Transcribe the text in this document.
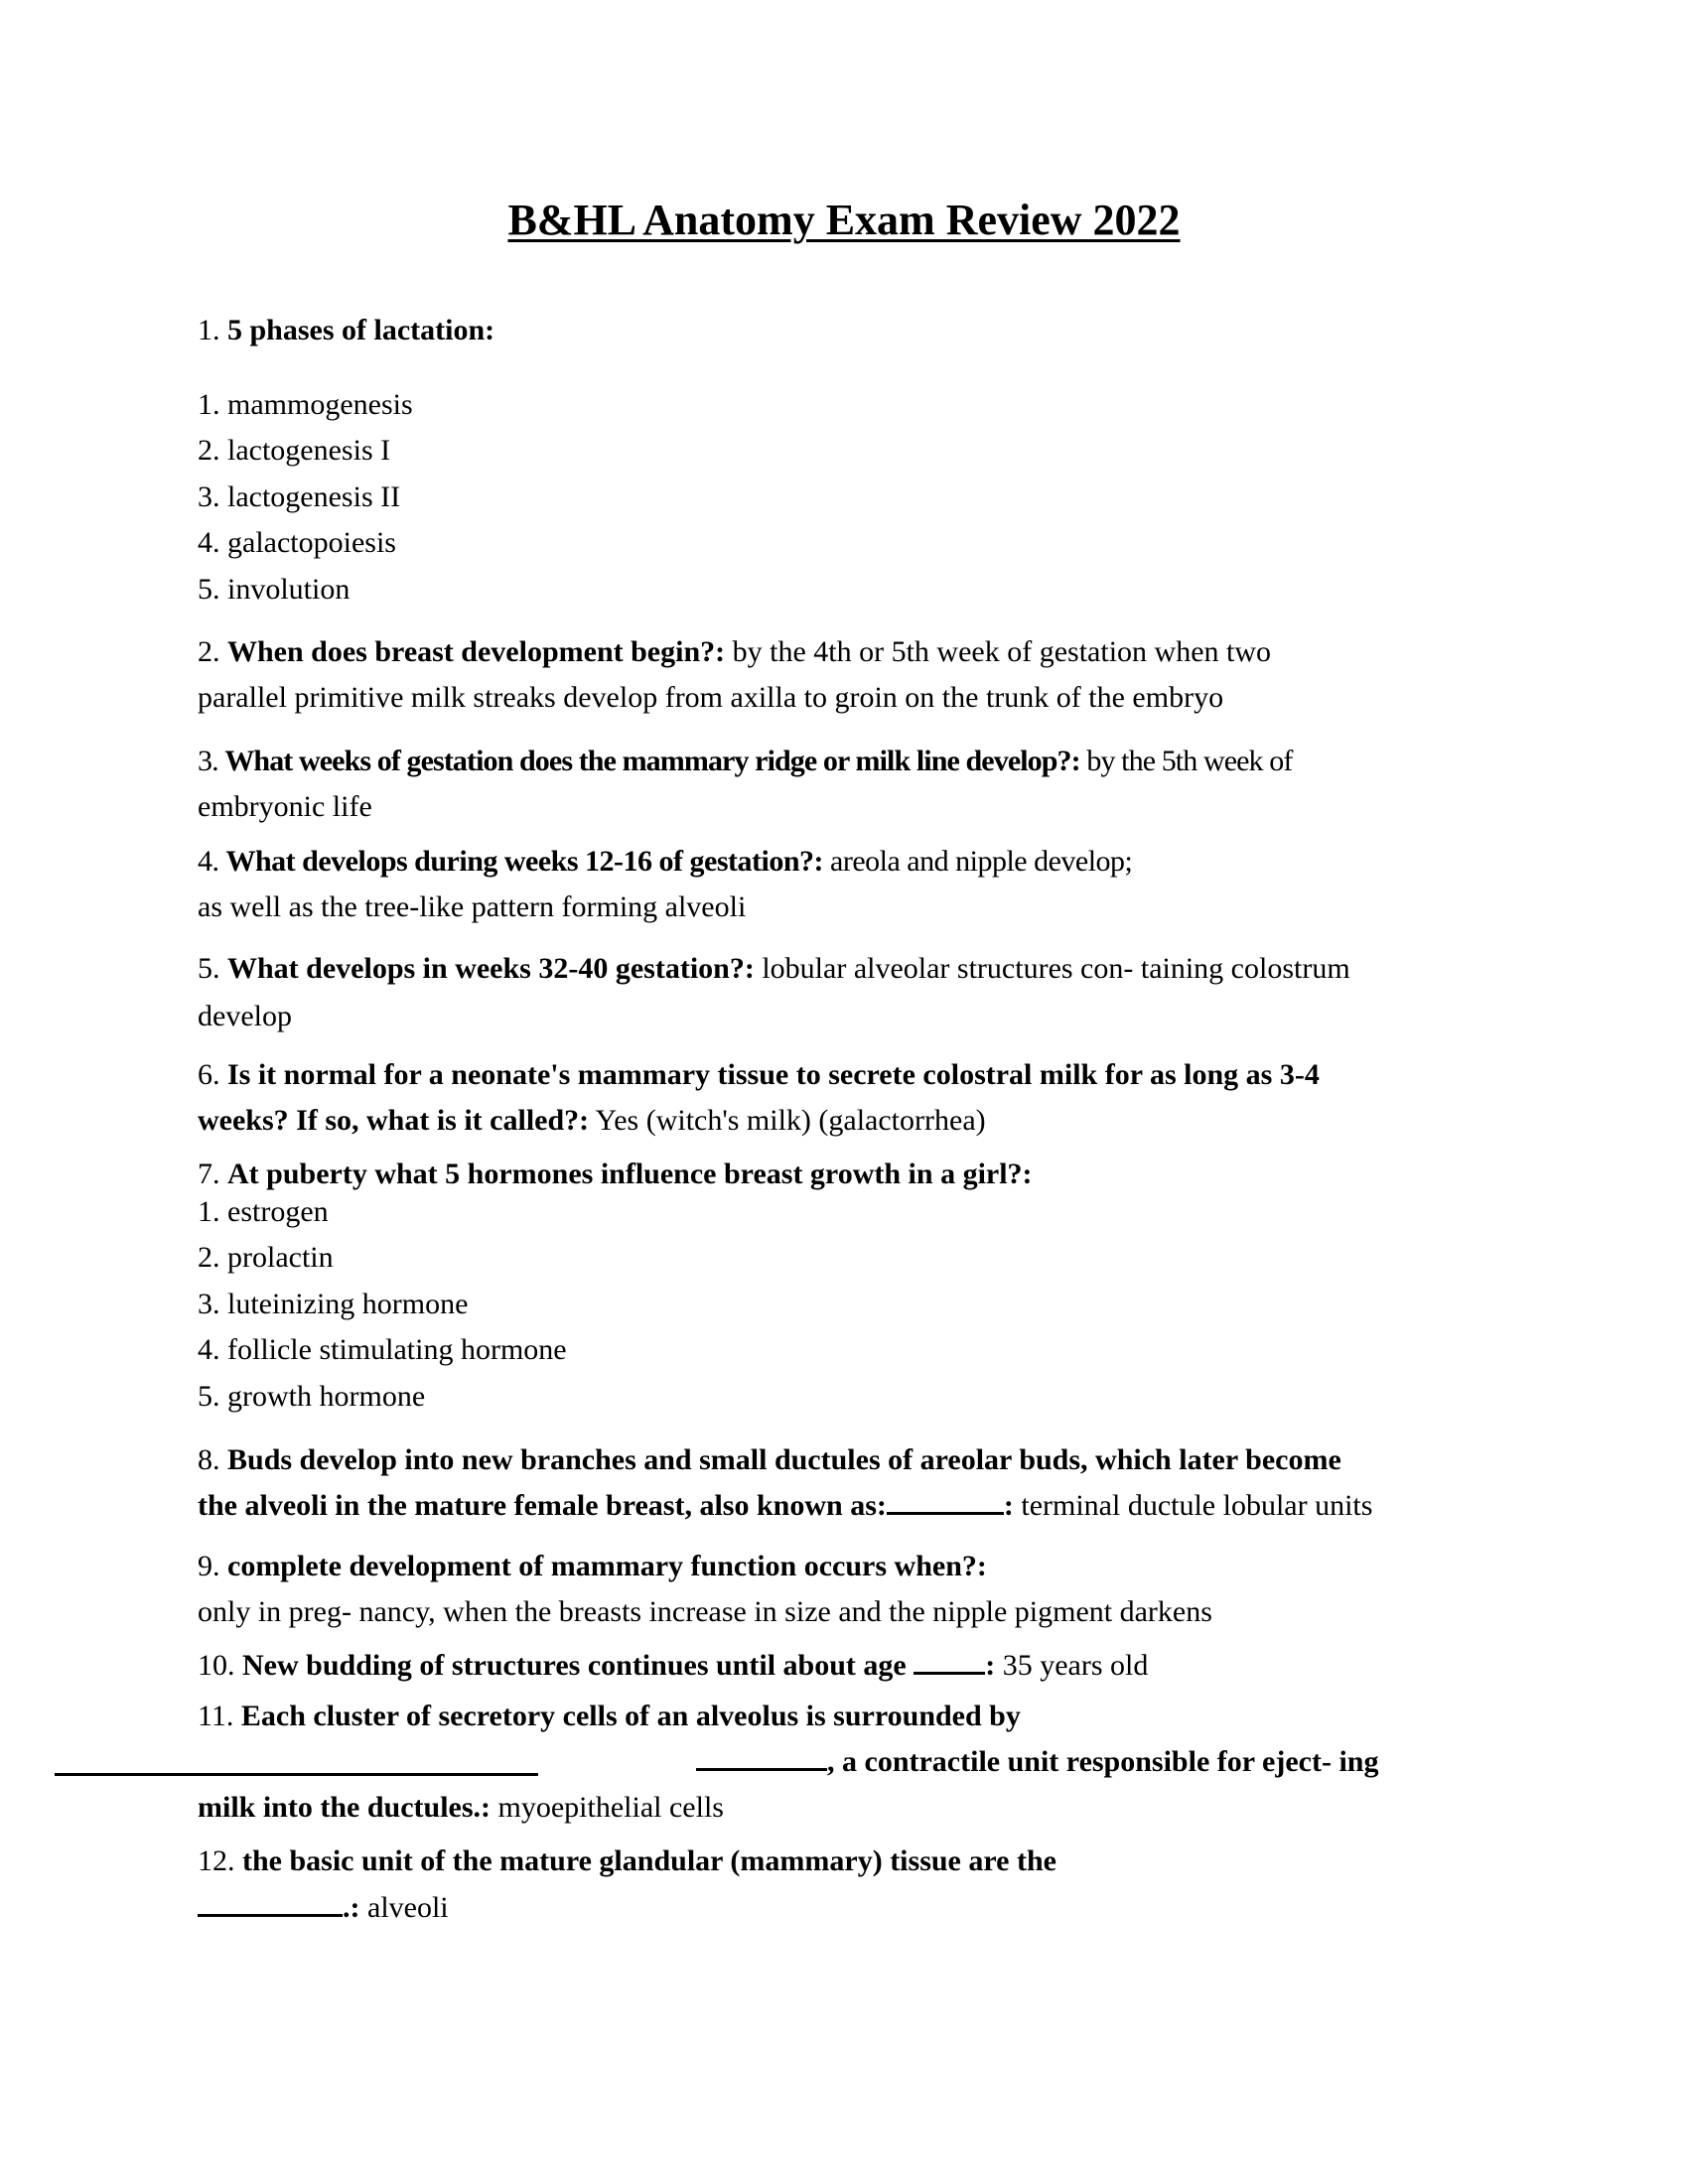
B&HL Anatomy Exam Review 2022
1. 5 phases of lactation:
1. mammogenesis
2. lactogenesis I
3. lactogenesis II
4. galactopoiesis
5. involution
2. When does breast development begin?: by the 4th or 5th week of gestation when two
parallel primitive milk streaks develop from axilla to groin on the trunk of the embryo
3. What weeks of gestation does the mammary ridge or milk line develop?: by the 5th week of
embryonic life
4. What develops during weeks 12-16 of gestation?: areola and nipple develop;
as well as the tree-like pattern forming alveoli
5. What develops in weeks 32-40 gestation?: lobular alveolar structures con- taining colostrum
develop
6. Is it normal for a neonate's mammary tissue to secrete colostral milk for as long as 3-4
weeks? If so, what is it called?: Yes (witch's milk) (galactorrhea)
7. At puberty what 5 hormones influence breast growth in a girl?:
1. estrogen
2. prolactin
3. luteinizing hormone
4. follicle stimulating hormone
5. growth hormone
8. Buds develop into new branches and small ductules of areolar buds, which later become
the alveoli in the mature female breast, also known as:	: terminal ductule lobular units
9. complete development of mammary function occurs when?:
only in preg- nancy, when the breasts increase in size and the nipple pigment darkens
10. New budding of structures continues until about age	: 35 years old
11. Each cluster of secretory cells of an alveolus is surrounded by
, a contractile unit responsible for eject- ing
milk into the ductules.: myoepithelial cells
12. the basic unit of the mature glandular (mammary) tissue are the
.: alveoli
